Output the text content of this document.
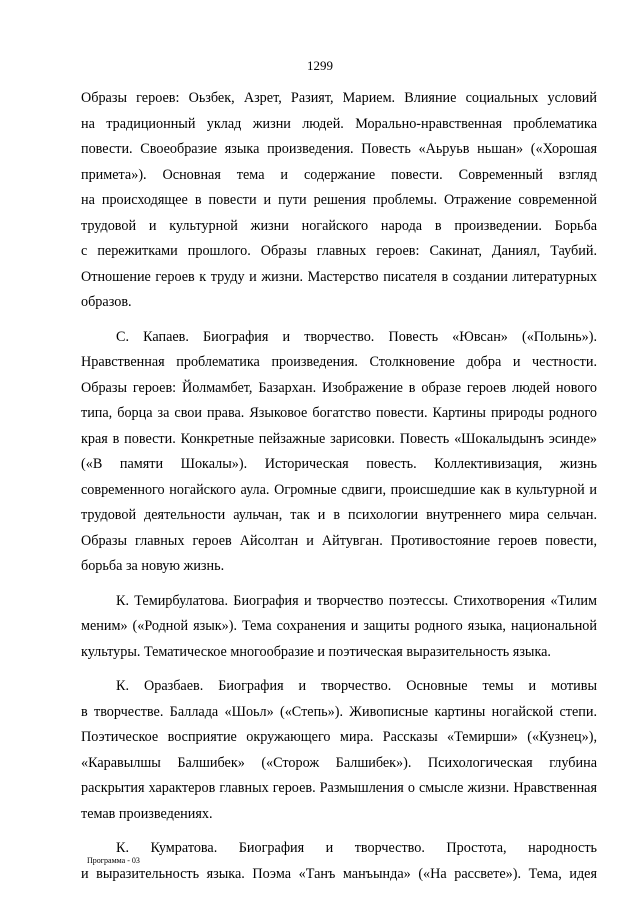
1299
Образы героев: Оьзбек, Азрет, Разият, Марием. Влияние социальных условий
на традиционный уклад жизни людей. Морально-нравственная проблематика
повести. Своеобразие языка произведения. Повесть «Аьруьв ньшан» («Хорошая
примета»). Основная тема и содержание повести. Современный взгляд
на происходящее в повести и пути решения проблемы. Отражение современной
трудовой и культурной жизни ногайского народа в произведении. Борьба
с пережитками прошлого. Образы главных героев: Сакинат, Даниял, Таубий.
Отношение героев к труду и жизни. Мастерство писателя в создании литературных
образов.
С. Капаев. Биография и творчество. Повесть «Ювсан» («Полынь»).
Нравственная проблематика произведения. Столкновение добра и честности.
Образы героев: Йолмамбет, Базархан. Изображение в образе героев людей нового
типа, борца за свои права. Языковое богатство повести. Картины природы родного
края в повести. Конкретные пейзажные зарисовки. Повесть «Шокалыдынъ эсинде»
(«В памяти Шокалы»). Историческая повесть. Коллективизация, жизнь
современного ногайского аула. Огромные сдвиги, происшедшие как в культурной и
трудовой деятельности аульчан, так и в психологии внутреннего мира сельчан.
Образы главных героев Айсолтан и Айтувган. Противостояние героев повести,
борьба за новую жизнь.
К. Темирбулатова. Биография и творчество поэтессы. Стихотворения «Тилим
меним» («Родной язык»). Тема сохранения и защиты родного языка, национальной
культуры. Тематическое многообразие и поэтическая выразительность языка.
К. Оразбаев. Биография и творчество. Основные темы и мотивы
в творчестве. Баллада «Шоьл» («Степь»). Живописные картины ногайской степи.
Поэтическое восприятие окружающего мира. Рассказы «Темирши» («Кузнец»),
«Каравылшы Балшибек» («Сторож Балшибек»). Психологическая глубина
раскрытия характеров главных героев. Размышления о смысле жизни. Нравственная
темав произведениях.
К. Кумратова. Биография и творчество. Простота, народность
и выразительность языка. Поэма «Танъ манъында» («На рассвете»). Тема, идея
Программа - 03
